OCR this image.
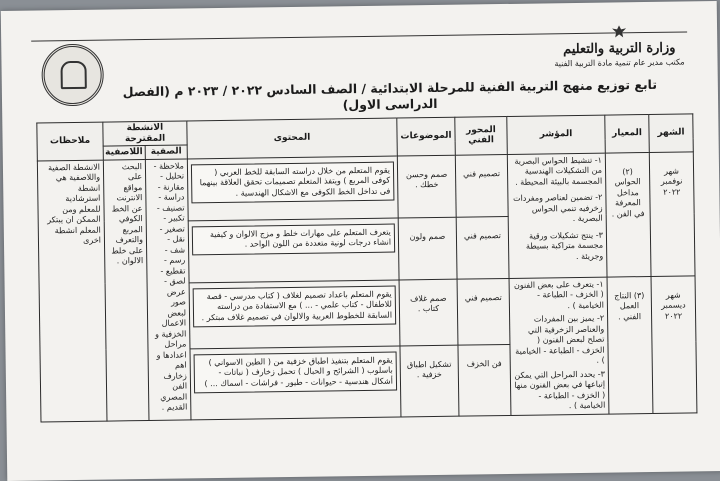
وزارة التربية والتعليم
مكتب مدير عام تنمية مادة التربية الفنية
تابع توزيع منهج التربية الفنية للمرحلة الابتدائية / الصف السادس ٢٠٢٢ / ٢٠٢٣ م (الفصل الدراسى الاول)
الشهر	المعيار	المؤشر	المحور الفني	الموضوعات	المحتوى	الانشطة المقترحة		ملاحظات
						الصفية	اللاصفية	
شهر نوفمبر ٢٠٢٢	(٢) الحواس مداخل المعرفة في الفن .	١- تنشيط الحواس البصرية من التشكيلات الهندسية المجسمة بالبيئة المحيطة .
٢- تضمين لعناصر ومفردات زخرفيه تنمي الحواس البصرية .
٣- ينتج تشكيلات ورقية مجسمة متراكبة بسيطة وجريئة .	تصميم فني	صمم وحسن خطك .	يقوم المتعلم من خلال دراسته السابقة للخط العربي ( كوفى المربع ) ويتفذ المتعلم تصميمات تحقق العلاقة بينهما فى تداخل الخط الكوفى مع الاشكال الهندسية .	ملاحظة - تحليل - مقارنة - دراسة - تصنيف - تكبير - تصغير - نقل - شف - رسم - تقطيع - لصق - عرض صور لبعض الاعمال الخزفية و مراحل اعدادها و اهم زخارف الفن المصري القديم .	البحث على مواقع الانترنت عن الخط الكوفي المربع والتعرف على خلط الالوان .	الانشطة الصفية واللاصفية هي انشطة استرشادية للمعلم ومن الممكن ان يبتكر المعلم انشطة اخرى
			تصميم فني	صمم ولون	يتعرف المتعلم على مهارات خلط و مزج الالوان و كيفية انشاء درجات لونية متعددة من اللون الواحد .			

شهر ديسمبر ٢٠٢٢	(٣) النتاج العمل الفني .	١- يتعرف على بعض الفنون ( الخزف - الطباعة - الخيامية ) .
٢- يميز بين المفردات والعناصر الزخرفية التي تصلح لبعض الفنون ( الخزف - الطباعة - الخيامية ) .
٣- يحدد المراحل التي يمكن إتباعها في بعض الفنون منها ( الخزف - الطباعة - الخيامية ) .	تصميم فني	صمم غلاف كتاب .	يقوم المتعلم باعداد تصميم لغلاف ( كتاب مدرسي - قصة للاطفال - كتاب علمي - ... ) مع الاستفادة من دراسته السابقة للخطوط العربية والالوان في تصميم غلاف مبتكر .			

			فن الخزف	تشكيل اطباق خزفية .	يقوم المتعلم بتنفيذ اطباق خزفية من ( الطين الاسواني ) باسلوب ( الشرائح و الحبال ) تحمل زخارف ( نباتات - أشكال هندسية - حيوانات - طيور - فراشات - اسماك ... )			
